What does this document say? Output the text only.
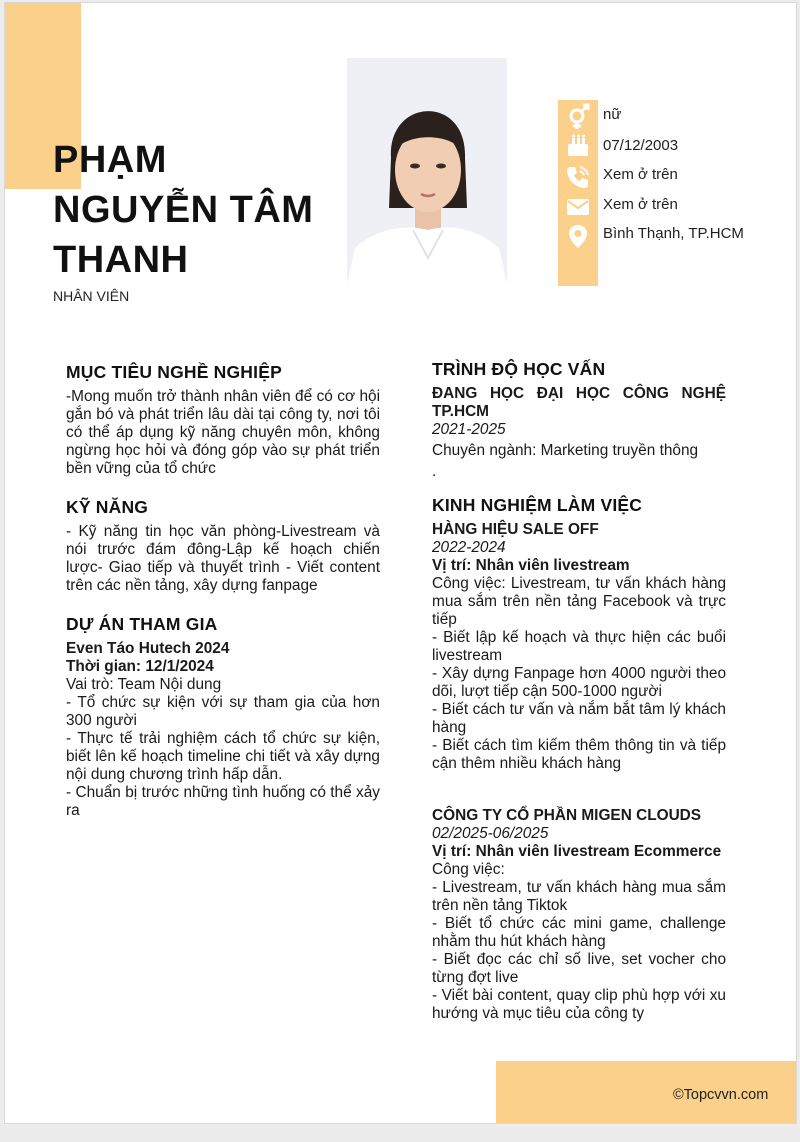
PHẠM
NGUYỄN TÂM
THANH
NHÂN VIÊN
nữ
07/12/2003
Xem ở trên
Xem ở trên
Bình Thạnh, TP.HCM
MỤC TIÊU NGHỀ NGHIỆP
-Mong muốn trở thành nhân viên để có cơ hội gắn bó và phát triển lâu dài tại công ty, nơi tôi có thể áp dụng kỹ năng chuyên môn, không ngừng học hỏi và đóng góp vào sự phát triển bền vững của tổ chức
KỸ NĂNG
- Kỹ năng tin học văn phòng-Livestream và nói trước đám đông-Lập kế hoạch chiến lược- Giao tiếp và thuyết trình - Viết content trên các nền tảng, xây dựng fanpage
DỰ ÁN THAM GIA
Even Táo Hutech 2024
Thời gian: 12/1/2024
Vai trò: Team Nội dung
- Tổ chức sự kiện với sự tham gia của hơn 300 người
- Thực tế trải nghiệm cách tổ chức sự kiện, biết lên kế hoạch timeline chi tiết và xây dựng nội dung chương trình hấp dẫn.
- Chuẩn bị trước những tình huống có thể xảy ra
TRÌNH ĐỘ HỌC VẤN
ĐANG HỌC ĐẠI HỌC CÔNG NGHỆ TP.HCM
2021-2025
Chuyên ngành: Marketing truyền thông
.
KINH NGHIỆM LÀM VIỆC
HÀNG HIỆU SALE OFF
2022-2024
Vị trí: Nhân viên livestream
Công việc: Livestream, tư vấn khách hàng mua sắm trên nền tảng Facebook và trực tiếp
- Biết lập kế hoạch và thực hiện các buổi livestream
- Xây dựng Fanpage hơn 4000 người theo dõi, lượt tiếp cận 500-1000 người
- Biết cách tư vấn và nắm bắt tâm lý khách hàng
- Biết cách tìm kiếm thêm thông tin và tiếp cận thêm nhiều khách hàng
CÔNG TY CỔ PHẦN MIGEN CLOUDS
02/2025-06/2025
Vị trí: Nhân viên livestream Ecommerce
Công việc:
- Livestream, tư vấn khách hàng mua sắm trên nền tảng Tiktok
- Biết tổ chức các mini game, challenge nhằm thu hút khách hàng
- Biết đọc các chỉ số live, set vocher cho từng đợt live
- Viết bài content, quay clip phù hợp với xu hướng và mục tiêu của công ty
©Topcvvn.com
